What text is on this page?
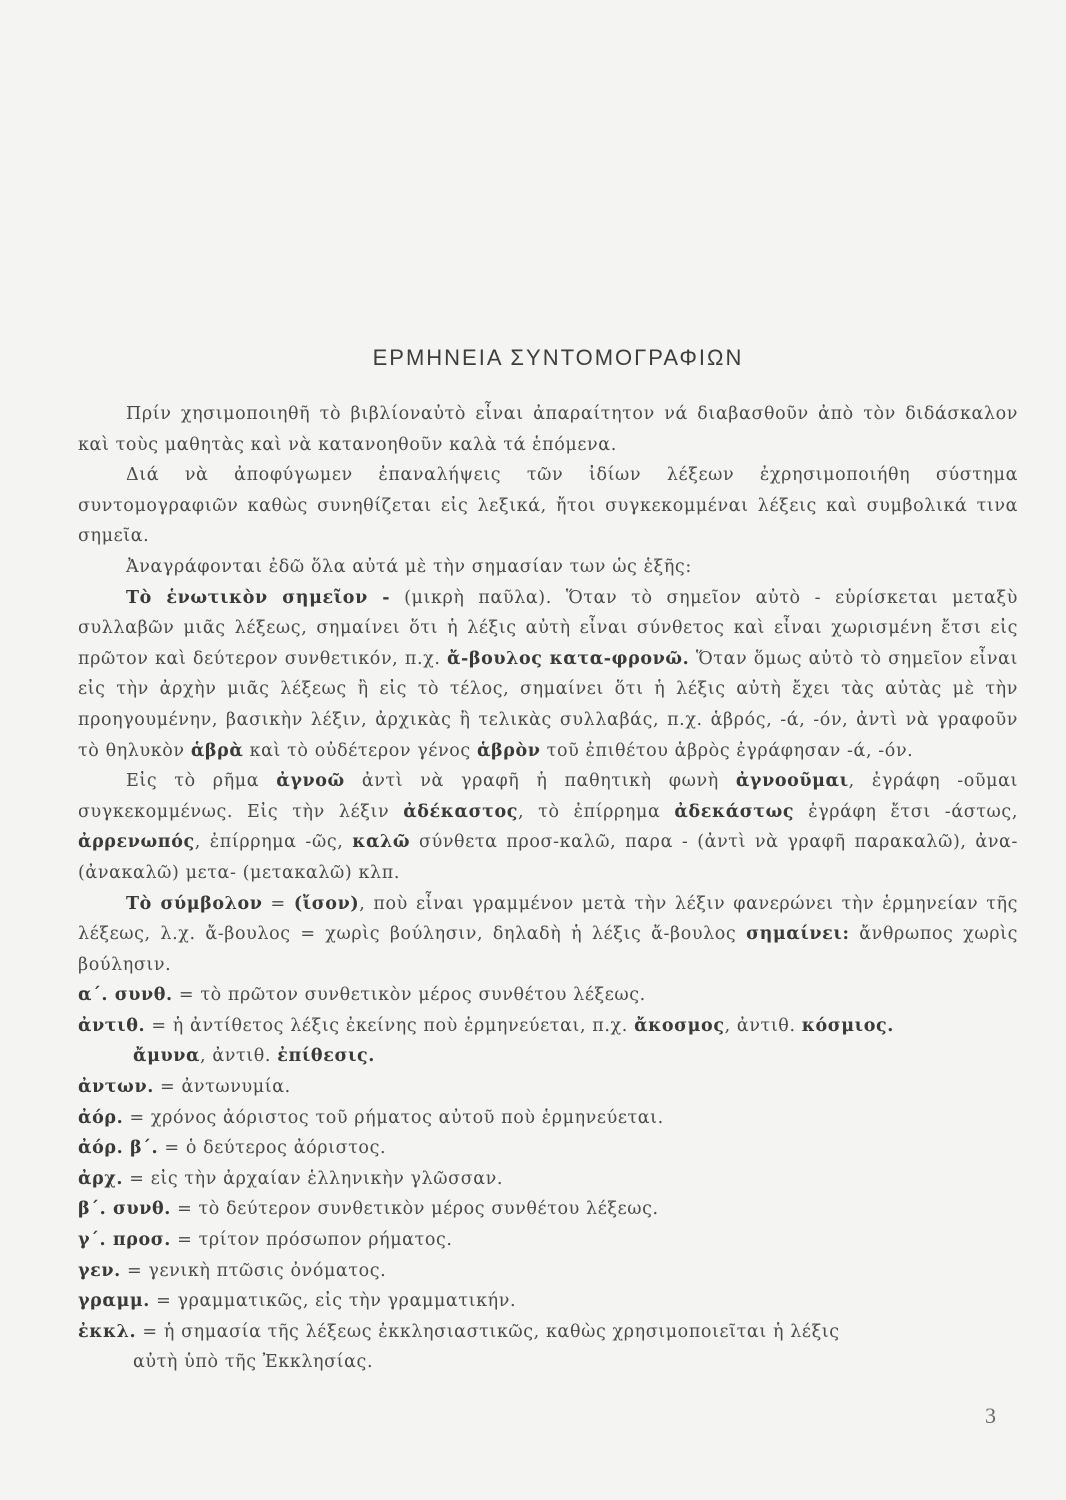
ΕΡΜΗΝΕΙΑ ΣΥΝΤΟΜΟΓΡΑΦΙΩΝ

Πρίν χησιμοποιηθῆ τὸ βιβλίοναὐτὸ εἶναι ἀπαραίτητον νά διαβασθοῦν ἀπὸ τὸν διδάσκαλον καὶ τοὺς μαθητὰς καὶ νὰ κατανοηθοῦν καλὰ τά ἑπόμενα.

Διά νὰ ἀποφύγωμεν ἐπαναλήψεις τῶν ἰδίων λέξεων ἐχρησιμοποιήθη σύστημα συντομογραφιῶν καθὼς συνηθίζεται εἰς λεξικά, ἤτοι συγκεκομμέναι λέξεις καὶ συμβολικά τινα σημεῖα.

Ἀναγράφονται ἐδῶ ὅλα αὐτά μὲ τὴν σημασίαν των ὡς ἑξῆς:

Τὸ ἑνωτικὸν σημεῖον - (μικρὴ παῦλα). Ὅταν τὸ σημεῖον αὐτὸ - εὑρίσκεται μεταξὺ συλλαβῶν μιᾶς λέξεως, σημαίνει ὅτι ἡ λέξις αὐτὴ εἶναι σύνθετος καὶ εἶναι χωρισμένη ἔτσι εἰς πρῶτον καὶ δεύτερον συνθετικόν, π.χ. ἄ-βουλος κατα-φρονῶ. Ὅταν ὅμως αὐτὸ τὸ σημεῖον εἶναι εἰς τὴν ἀρχὴν μιᾶς λέξεως ἢ εἰς τὸ τέλος, σημαίνει ὅτι ἡ λέξις αὐτὴ ἔχει τὰς αὐτὰς μὲ τὴν προηγουμένην, βασικὴν λέξιν, ἀρχικὰς ἢ τελικὰς συλλαβάς, π.χ. ἁβρός, -ά, -όν, ἀντὶ νὰ γραφοῦν τὸ θηλυκὸν ἁβρὰ καὶ τὸ οὐδέτερον γένος ἁβρὸν τοῦ ἐπιθέτου ἁβρὸς ἐγράφησαν -ά, -όν.

Εἰς τὸ ρῆμα ἀγνοῶ ἀντὶ νὰ γραφῆ ἡ παθητικὴ φωνὴ ἀγνοοῦμαι, ἐγράφη -οῦμαι συγκεκομμένως. Εἰς τὴν λέξιν ἀδέκαστος, τὸ ἐπίρρημα ἀδεκάστως ἐγράφη ἔτσι -άστως, ἀρρενωπός, ἐπίρρημα -ῶς, καλῶ σύνθετα προσ-καλῶ, παρα - (ἀντὶ νὰ γραφῆ παρακαλῶ), ἀνα- (ἀνακαλῶ) μετα- (μετακαλῶ) κλπ.

Τὸ σύμβολον = (ἴσον), ποὺ εἶναι γραμμένον μετὰ τὴν λέξιν φανερώνει τὴν ἑρμηνείαν τῆς λέξεως, λ.χ. ἄ-βουλος = χωρὶς βούλησιν, δηλαδὴ ἡ λέξις ἄ-βουλος σημαίνει: ἄνθρωπος χωρὶς βούλησιν.

α΄. συνθ. = τὸ πρῶτον συνθετικὸν μέρος συνθέτου λέξεως.
ἀντιθ. = ἡ ἀντίθετος λέξις ἐκείνης ποὺ ἑρμηνεύεται, π.χ. ἄκοσμος, ἀντιθ. κόσμιος.
ἄμυνα, ἀντιθ. ἐπίθεσις.
ἀντων. = ἀντωνυμία.
ἀόρ. = χρόνος ἀόριστος τοῦ ρήματος αὐτοῦ ποὺ ἑρμηνεύεται.
ἀόρ. β΄. = ὁ δεύτερος ἀόριστος.
ἀρχ. = εἰς τὴν ἀρχαίαν ἑλληνικὴν γλῶσσαν.
β΄. συνθ. = τὸ δεύτερον συνθετικὸν μέρος συνθέτου λέξεως.
γ΄. προσ. = τρίτον πρόσωπον ρήματος.
γεν. = γενικὴ πτῶσις ὀνόματος.
γραμμ. = γραμματικῶς, εἰς τὴν γραμματικήν.
ἐκκλ. = ἡ σημασία τῆς λέξεως ἐκκλησιαστικῶς, καθὼς χρησιμοποιεῖται ἡ λέξις
αὐτὴ ὑπὸ τῆς Ἐκκλησίας.
3
